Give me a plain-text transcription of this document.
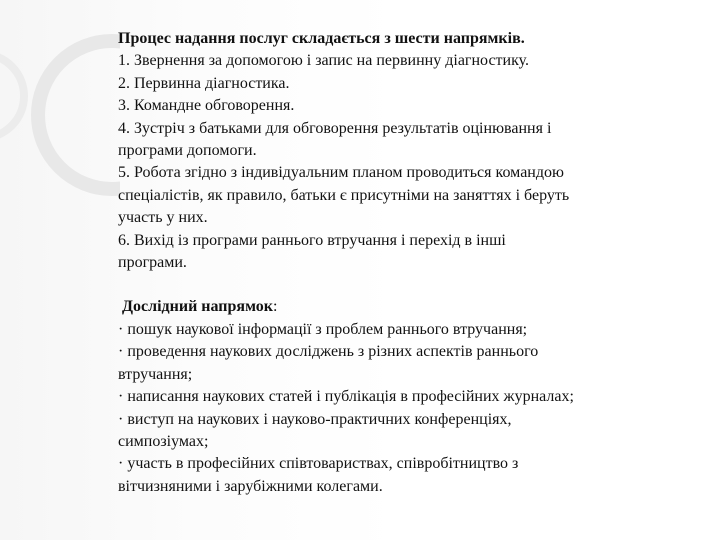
Процес надання послуг складається з шести напрямків.

1. Звернення за допомогою і запис на первинну діагностику.

2. Первинна діагностика.

3. Командне обговорення.

4. Зустріч з батьками для обговорення результатів оцінювання і

програми допомоги.

5. Робота згідно з індивідуальним планом проводиться командою

спеціалістів, як правило, батьки є присутніми на заняттях і беруть

участь у них.

6. Вихід із програми раннього втручання і перехід в інші

програми.

Дослідний напрямок:

· пошук наукової інформації з проблем раннього втручання;

· проведення наукових досліджень з різних аспектів раннього

втручання;

· написання наукових статей і публікація в професійних журналах;

· виступ на наукових і науково-практичних конференціях,

симпозіумах;

· участь в професійних співтовариствах, співробітництво з

вітчизняними і зарубіжними колегами.
